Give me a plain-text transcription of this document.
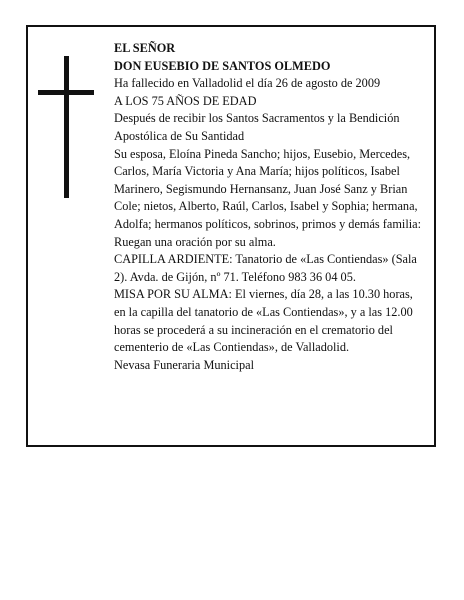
EL SEÑOR

DON EUSEBIO DE SANTOS OLMEDO

Ha fallecido en Valladolid el día 26 de agosto de 2009

A LOS 75 AÑOS DE EDAD

Después de recibir los Santos Sacramentos y la Bendición Apostólica de Su Santidad

Su esposa, Eloína Pineda Sancho; hijos, Eusebio, Mercedes, Carlos, María Victoria y Ana María; hijos políticos, Isabel Marinero, Segismundo Hernansanz, Juan José Sanz y Brian Cole; nietos, Alberto, Raúl, Carlos, Isabel y Sophia; hermana, Adolfa; hermanos políticos, sobrinos, primos y demás familia:

Ruegan una oración por su alma.

CAPILLA ARDIENTE: Tanatorio de «Las Contiendas» (Sala 2). Avda. de Gijón, nº 71. Teléfono 983 36 04 05.

MISA POR SU ALMA: El viernes, día 28, a las 10.30 horas, en la capilla del tanatorio de «Las Contiendas», y a las 12.00 horas se procederá a su incineración en el crematorio del cementerio de «Las Contiendas», de Valladolid.

Nevasa Funeraria Municipal
